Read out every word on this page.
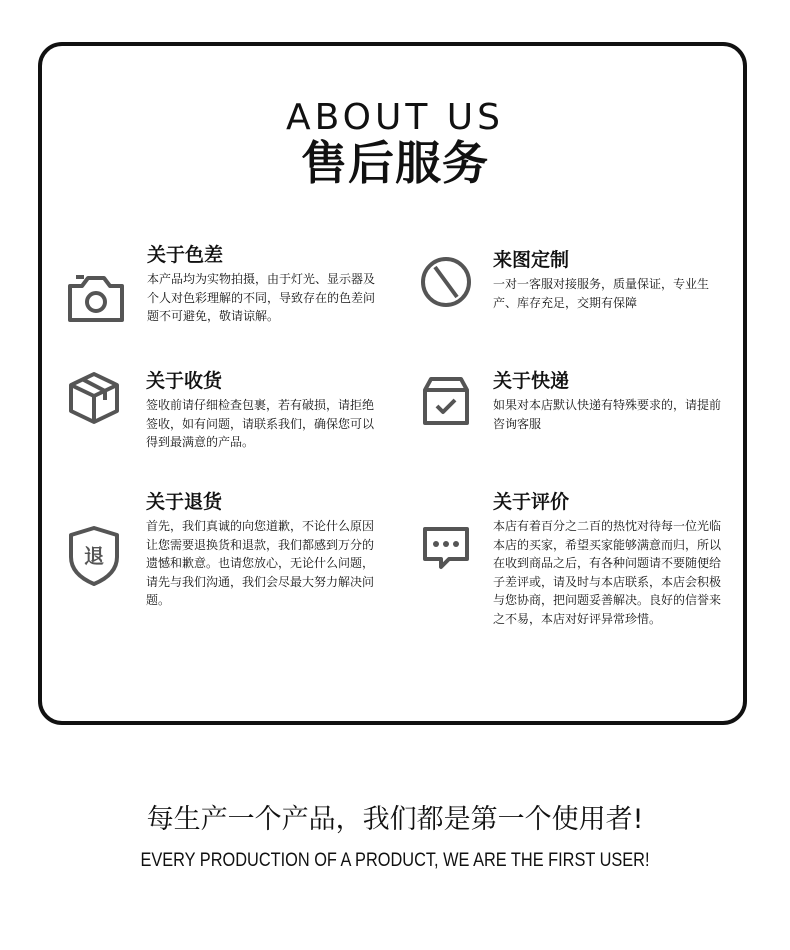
ABOUT US
售后服务

关于色差

本产品均为实物拍摄，由于灯光、显示器及个人对色彩理解的不同，导致存在的色差问题不可避免，敬请谅解。

来图定制

一对一客服对接服务，质量保证，专业生产、库存充足，交期有保障

关于收货

签收前请仔细检查包裹，若有破损，请拒绝签收，如有问题，请联系我们，确保您可以得到最满意的产品。

关于快递

如果对本店默认快递有特殊要求的，请提前咨询客服

退

关于退货

首先，我们真诚的向您道歉，不论什么原因让您需要退换货和退款，我们都感到万分的遗憾和歉意。也请您放心，无论什么问题，请先与我们沟通，我们会尽最大努力解决问题。

关于评价

本店有着百分之二百的热忱对待每一位光临本店的买家，希望买家能够满意而归，所以在收到商品之后，有各种问题请不要随便给子差评或，请及时与本店联系，本店会积极与您协商，把问题妥善解决。良好的信誉来之不易，本店对好评异常珍惜。

每生产一个产品，我们都是第一个使用者!
EVERY PRODUCTION OF A PRODUCT, WE ARE THE FIRST USER!
